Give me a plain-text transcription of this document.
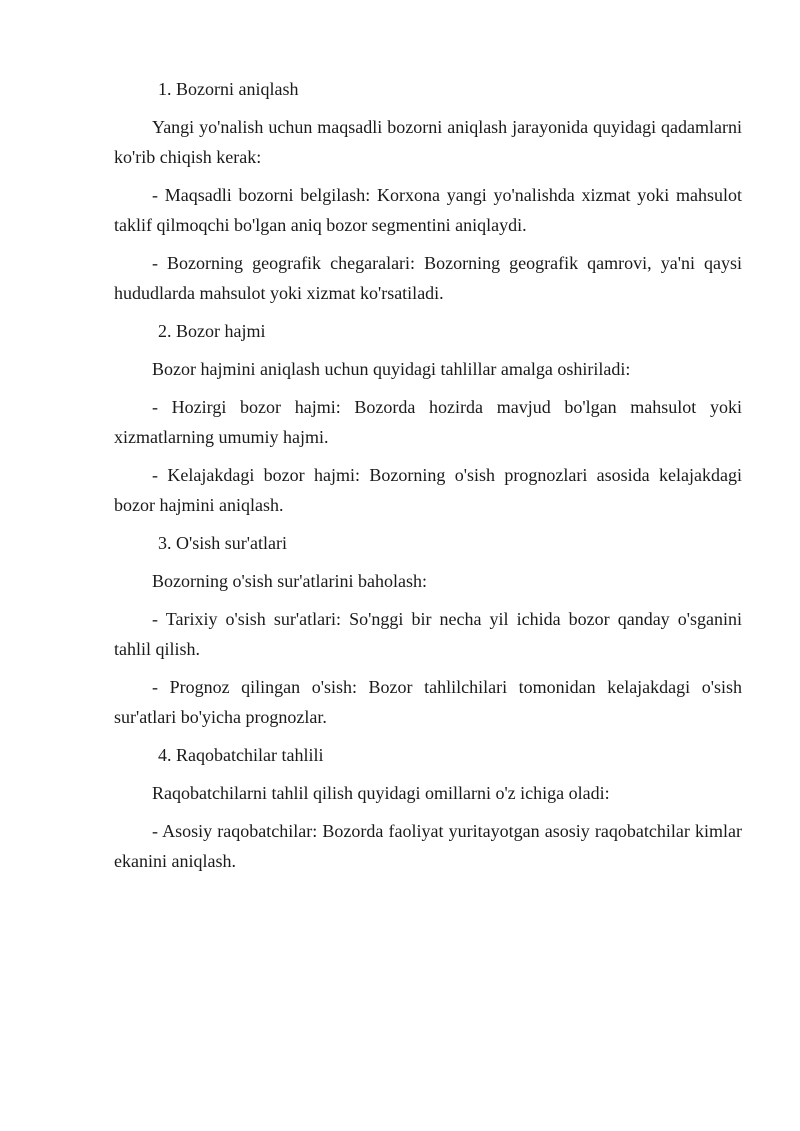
1. Bozorni aniqlash

Yangi yo'nalish uchun maqsadli bozorni aniqlash jarayonida quyidagi qadamlarni ko'rib chiqish kerak:

- Maqsadli bozorni belgilash: Korxona yangi yo'nalishda xizmat yoki mahsulot taklif qilmoqchi bo'lgan aniq bozor segmentini aniqlaydi.

- Bozorning geografik chegaralari: Bozorning geografik qamrovi, ya'ni qaysi hududlarda mahsulot yoki xizmat ko'rsatiladi.

2. Bozor hajmi

Bozor hajmini aniqlash uchun quyidagi tahlillar amalga oshiriladi:

- Hozirgi bozor hajmi: Bozorda hozirda mavjud bo'lgan mahsulot yoki xizmatlarning umumiy hajmi.

- Kelajakdagi bozor hajmi: Bozorning o'sish prognozlari asosida kelajakdagi bozor hajmini aniqlash.

3. O'sish sur'atlari

Bozorning o'sish sur'atlarini baholash:

- Tarixiy o'sish sur'atlari: So'nggi bir necha yil ichida bozor qanday o'sganini tahlil qilish.

- Prognoz qilingan o'sish: Bozor tahlilchilari tomonidan kelajakdagi o'sish sur'atlari bo'yicha prognozlar.

4. Raqobatchilar tahlili

Raqobatchilarni tahlil qilish quyidagi omillarni o'z ichiga oladi:

- Asosiy raqobatchilar: Bozorda faoliyat yuritayotgan asosiy raqobatchilar kimlar ekanini aniqlash.
